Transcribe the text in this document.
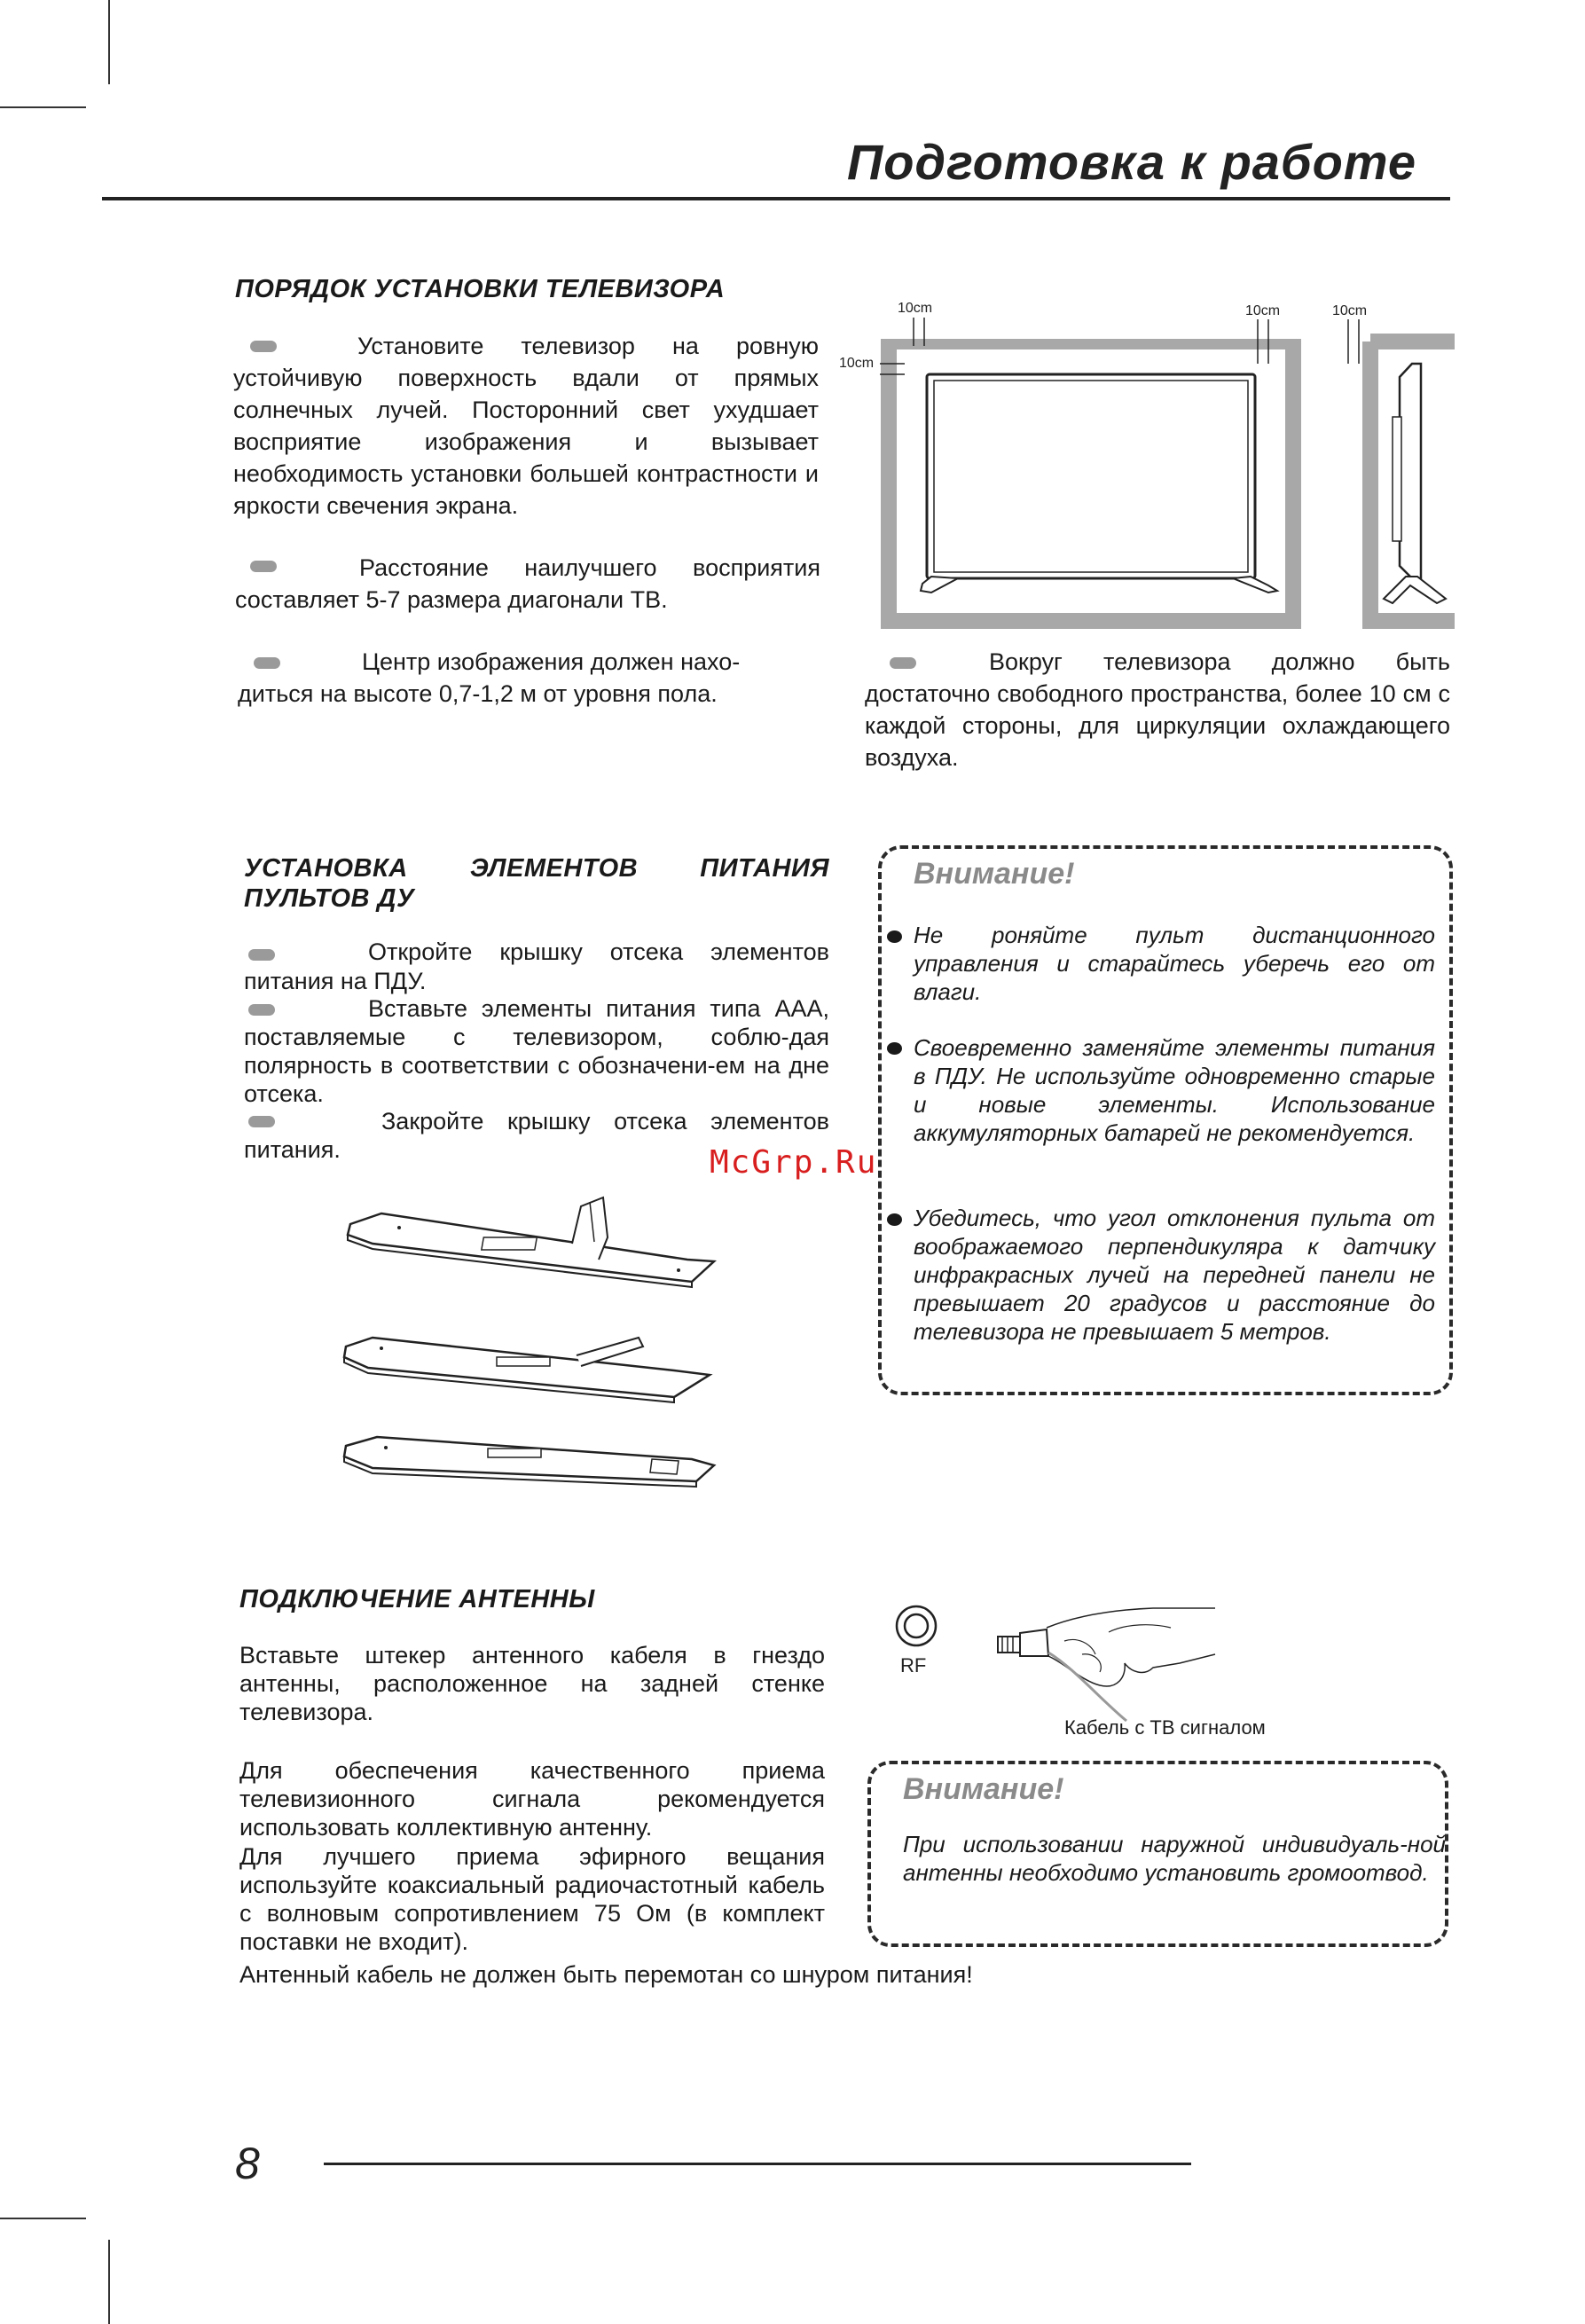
Подготовка к работе
ПОРЯДОК УСТАНОВКИ ТЕЛЕВИЗОРА
Установите телевизор на ровную устойчивую поверхность вдали от прямых солнечных лучей. Посторонний свет ухудшает восприятие изображения и вызывает необходимость установки большей контрастности и яркости свечения экрана.
Расстояние наилучшего восприятия составляет 5-7 размера диагонали ТВ.
Центр изображения должен нахо-диться на высоте 0,7-1,2 м от уровня пола.
10cm
10cm
10cm	10cm
Вокруг телевизора должно быть достаточно свободного пространства, более 10 см с каждой стороны, для циркуляции охлаждающего воздуха.
УСТАНОВКА ЭЛЕМЕНТОВ ПИТАНИЯ ПУЛЬТОВ ДУ
Откройте крышку отсека элементов питания на ПДУ.
Вставьте элементы питания типа ААА, поставляемые с телевизором, соблю-дая полярность в соответствии с обозначени-ем на дне отсека.
Закройте крышку отсека элементов питания.
Внимание!
Не роняйте пульт дистанционного управления и старайтесь уберечь его от влаги.
Своевременно заменяйте элементы питания в ПДУ. Не используйте одновременно старые и новые элементы. Использование аккумуляторных батарей не рекомендуется.
Убедитесь, что угол отклонения пульта от воображаемого перпендикуляра к датчику инфракрасных лучей на передней панели не превышает 20 градусов и расстояние до телевизора не превышает 5 метров.
McGrp.Ru
ПОДКЛЮЧЕНИЕ АНТЕННЫ
Вставьте штекер антенного кабеля в гнездо антенны, расположенное на задней стенке телевизора.
Для обеспечения качественного приема телевизионного сигнала рекомендуется использовать коллективную антенну.
Для лучшего приема эфирного вещания используйте коаксиальный радиочастотный кабель с волновым сопротивлением 75 Ом (в комплект поставки не входит).
Антенный кабель не должен быть перемотан со шнуром питания!
RF
Кабель с ТВ сигналом
Внимание!
При использовании наружной индивидуаль-ной антенны необходимо установить громоотвод.
8
